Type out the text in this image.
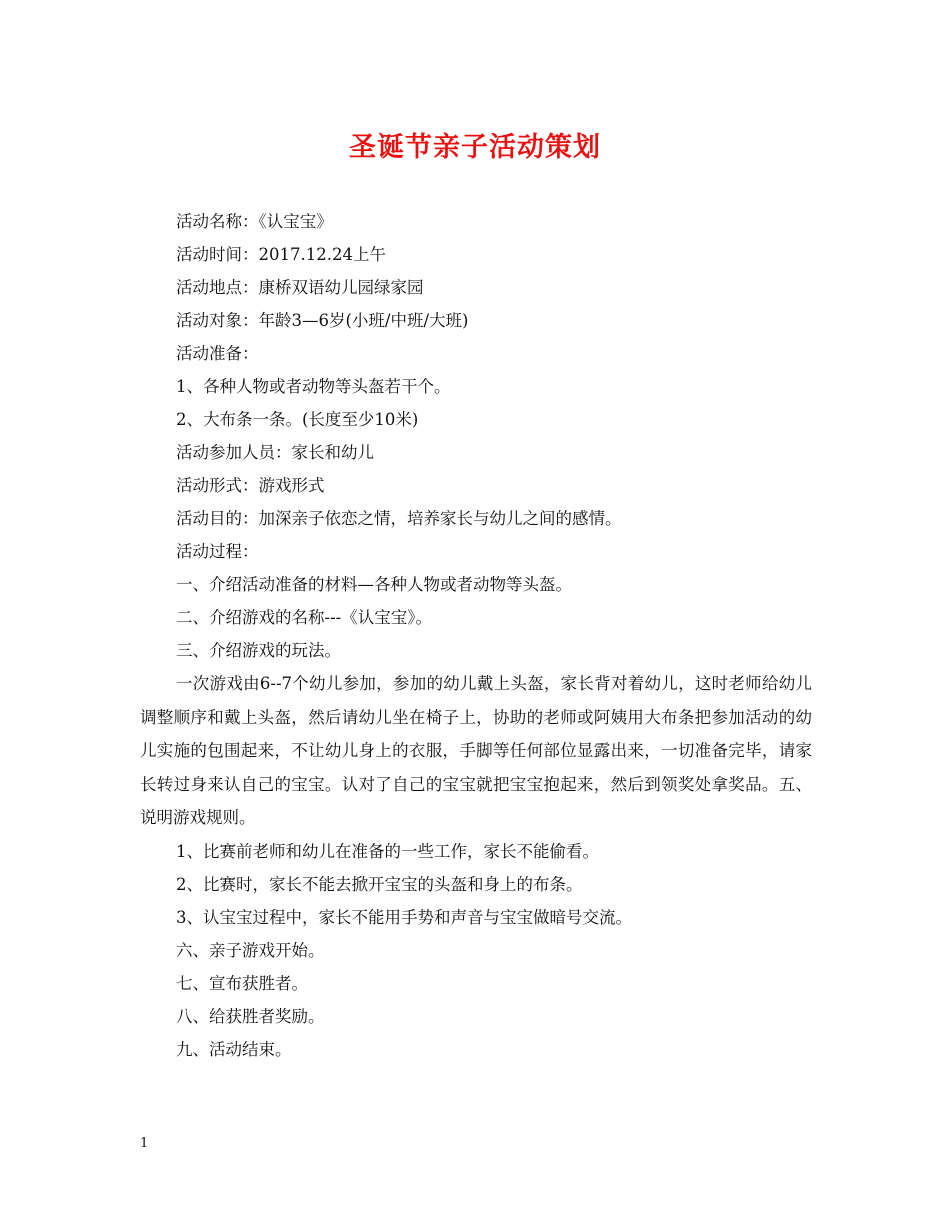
圣诞节亲子活动策划

活动名称：《认宝宝》

活动时间：2017.12.24上午

活动地点：康桥双语幼儿园绿家园

活动对象：年龄3—6岁(小班/中班/大班)

活动准备：

1、各种人物或者动物等头盔若干个。

2、大布条一条。(长度至少10米)

活动参加人员：家长和幼儿

活动形式：游戏形式

活动目的：加深亲子依恋之情，培养家长与幼儿之间的感情。

活动过程：

一、介绍活动准备的材料—各种人物或者动物等头盔。

二、介绍游戏的名称---《认宝宝》。

三、介绍游戏的玩法。

一次游戏由6--7个幼儿参加，参加的幼儿戴上头盔，家长背对着幼儿，这时老师给幼儿调整顺序和戴上头盔，然后请幼儿坐在椅子上，协助的老师或阿姨用大布条把参加活动的幼儿实施的包围起来，不让幼儿身上的衣服，手脚等任何部位显露出来，一切准备完毕，请家长转过身来认自己的宝宝。认对了自己的宝宝就把宝宝抱起来，然后到领奖处拿奖品。五、说明游戏规则。

1、比赛前老师和幼儿在准备的一些工作，家长不能偷看。

2、比赛时，家长不能去掀开宝宝的头盔和身上的布条。

3、认宝宝过程中，家长不能用手势和声音与宝宝做暗号交流。

六、亲子游戏开始。

七、宣布获胜者。

八、给获胜者奖励。

九、活动结束。

1
